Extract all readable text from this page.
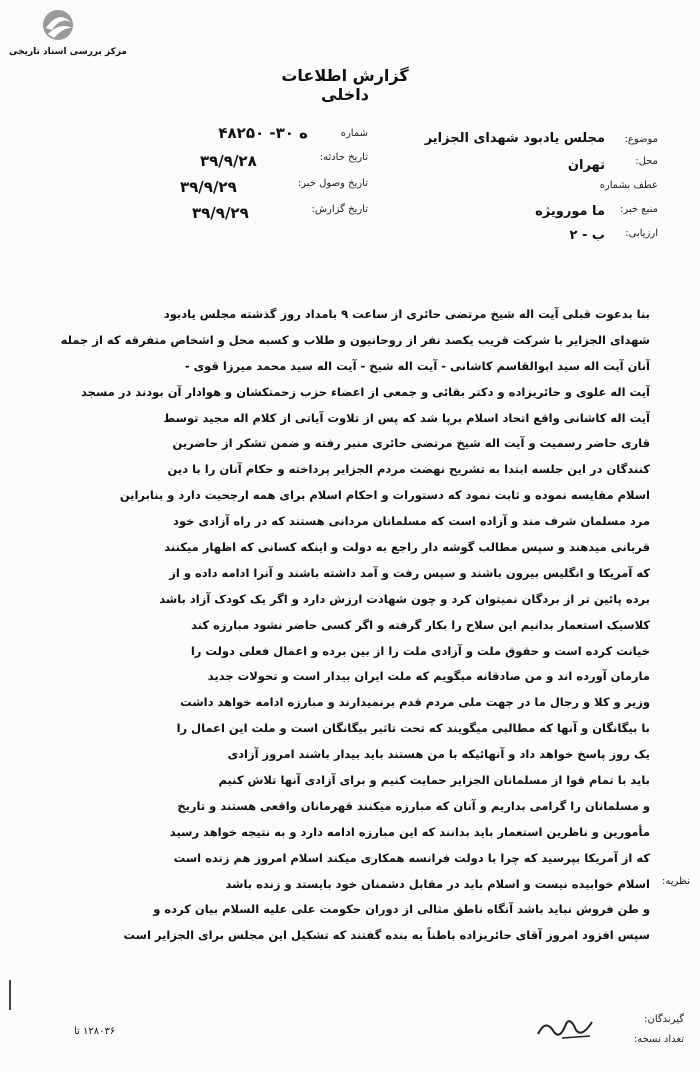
مرکز بررسی اسناد تاریخی
گزارش اطلاعات داخلی
موضوع:
مجلس یادبود شهدای الجزایر
محل:
تهران
عطف بشماره
منبع خبر:
ما مورویژه
ارزیابی:
ب - ۲
شماره
۴۸۲۵۰ -۳۰ ه
تاریخ حادثه:
۳۹/۹/۲۸
تاریخ وصول خبر:
۳۹/۹/۲۹
تاریخ گزارش:
۳۹/۹/۲۹
بنا بدعوت قبلی آیت اله شیخ مرتضی حائری از ساعت ۹ بامداد روز گذشته مجلس یادبود
شهدای الجزایر با شرکت قریب یکصد نفر از روحانیون و طلاب و کسبه محل و اشخاص متفرقه که از جمله
آنان آیت اله سید ابوالقاسم کاشانی - آیت اله شیخ - آیت اله سید محمد میرزا قوی -
آیت اله علوی و حائریزاده و دکتر بقائی و جمعی از اعضاء حزب زحمتکشان و هوادار آن بودند در مسجد
آیت اله کاشانی واقع اتحاد اسلام برپا شد که پس از تلاوت آیاتی از کلام اله مجید توسط
قاری حاضر رسمیت و آیت اله شیخ مرتضی حائری منبر رفته و ضمن تشکر از حاضرین
کنندگان در این جلسه ابتدا به تشریح نهضت مردم الجزایر پرداخته و حکام آنان را با دین
اسلام مقایسه نموده و ثابت نمود که دستورات و احکام اسلام برای همه ارجحیت دارد و بنابراین
مرد مسلمان شرف مند و آزاده است که مسلمانان مردانی هستند که در راه آزادی خود
قربانی میدهند و سپس مطالب گوشه دار راجع به دولت و اینکه کسانی که اظهار میکنند
که آمریکا و انگلیس بیرون باشند و سپس رفت و آمد داشته باشند و آنرا ادامه داده و از
برده پائین تر از بردگان نمیتوان کرد و چون شهادت ارزش دارد و اگر یک کودک آزاد باشد
کلاسیک استعمار بدانیم این سلاح را بکار گرفته و اگر کسی حاضر نشود مبارزه کند
خیانت کرده است و حقوق ملت و آزادی ملت را از بین برده و اعمال فعلی دولت را
مارمان آورده اند و من صادقانه میگویم که ملت ایران بیدار است و تحولات جدید
وزیر و کلا و رجال ما در جهت ملی مردم قدم برنمیدارند و مبارزه ادامه خواهد داشت
با بیگانگان و آنها که مطالبی میگویند که تحت تاثیر بیگانگان است و ملت این اعمال را
یک روز پاسخ خواهد داد و آنهائیکه با من هستند باید بیدار باشند امروز آزادی
باید با تمام قوا از مسلمانان الجزایر حمایت کنیم و برای آزادی آنها تلاش کنیم
و مسلمانان را گرامی بداریم و آنان که مبارزه میکنند قهرمانان واقعی هستند و تاریخ
مأمورین و ناظرین استعمار باید بدانند که این مبارزه ادامه دارد و به نتیجه خواهد رسید
که از آمریکا بپرسید که چرا با دولت فرانسه همکاری میکند اسلام امروز هم زنده است
اسلام خوابیده نیست و اسلام باید در مقابل دشمنان خود بایستد و زنده باشد
و طن فروش نباید باشد آنگاه ناطق مثالی از دوران حکومت علی علیه السلام بیان کرده و
سپس افزود امروز آقای حائریزاده باطناً به بنده گفتند که تشکیل این مجلس برای الجزایر است
نظریه:
گیرندگان:
تعداد نسخه:
۱۲۸۰۳۶ تا
